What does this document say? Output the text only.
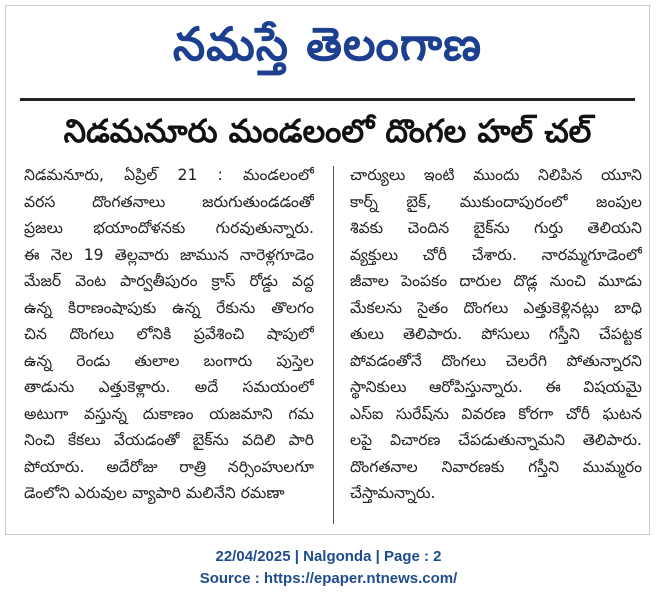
నమస్తే తెలంగాణ
నిడమనూరు మండలంలో దొంగల హల్ చల్
నిడమనూరు, ఏప్రిల్ 21 : మండలంలో
వరస దొంగతనాలు జరుగుతుండడంతో
ప్రజలు భయాందోళనకు గురవుతున్నారు.
ఈ నెల 19 తెల్లవారు జామున నారెళ్లగూడెం
మేజర్ వెంట పార్వతీపురం క్రాస్ రోడ్డు వద్ద
ఉన్న కిరాణంషాపుకు ఉన్న రేకును తొలగం
చిన దొంగలు లోనికి ప్రవేశించి షాపులో
ఉన్న రెండు తులాల బంగారు పుస్తెల
తాడును ఎత్తుకెళ్లారు. అదే సమయంలో
అటుగా వస్తున్న దుకాణం యజమాని గమ
నించి కేకలు వేయడంతో బైక్‌ను వదిలి పారి
పోయారు. అదేరోజు రాత్రి నర్సింహులగూ
డెంలోని ఎరువుల వ్యాపారి మలినేని రమణా
చార్యులు ఇంటి ముందు నిలిపిన యూని
కార్న్ బైక్, ముకుందాపురంలో జంపుల
శివకు చెందిన బైక్‌ను గుర్తు తెలియని
వ్యక్తులు చోరీ చేశారు. నారమ్మగూడెంలో
జీవాల పెంపకం దారుల దొడ్ల నుంచి మూడు
మేకలను సైతం దొంగలు ఎత్తుకెళ్లినట్లు బాధి
తులు తెలిపారు. పోసులు గస్తీని చేపట్టక
పోవడంతోనే దొంగలు చెలరేగి పోతున్నారని
స్థానికులు ఆరోపిస్తున్నారు. ఈ విషయమై
ఎస్ఐ సురేష్‌ను వివరణ కోరగా చోరీ ఘటన
లపై విచారణ చేపడుతున్నామని తెలిపారు.
దొంగతనాల నివారణకు గస్తీని ముమ్మరం
చేస్తామన్నారు.
22/04/2025 | Nalgonda | Page : 2
Source : https://epaper.ntnews.com/
